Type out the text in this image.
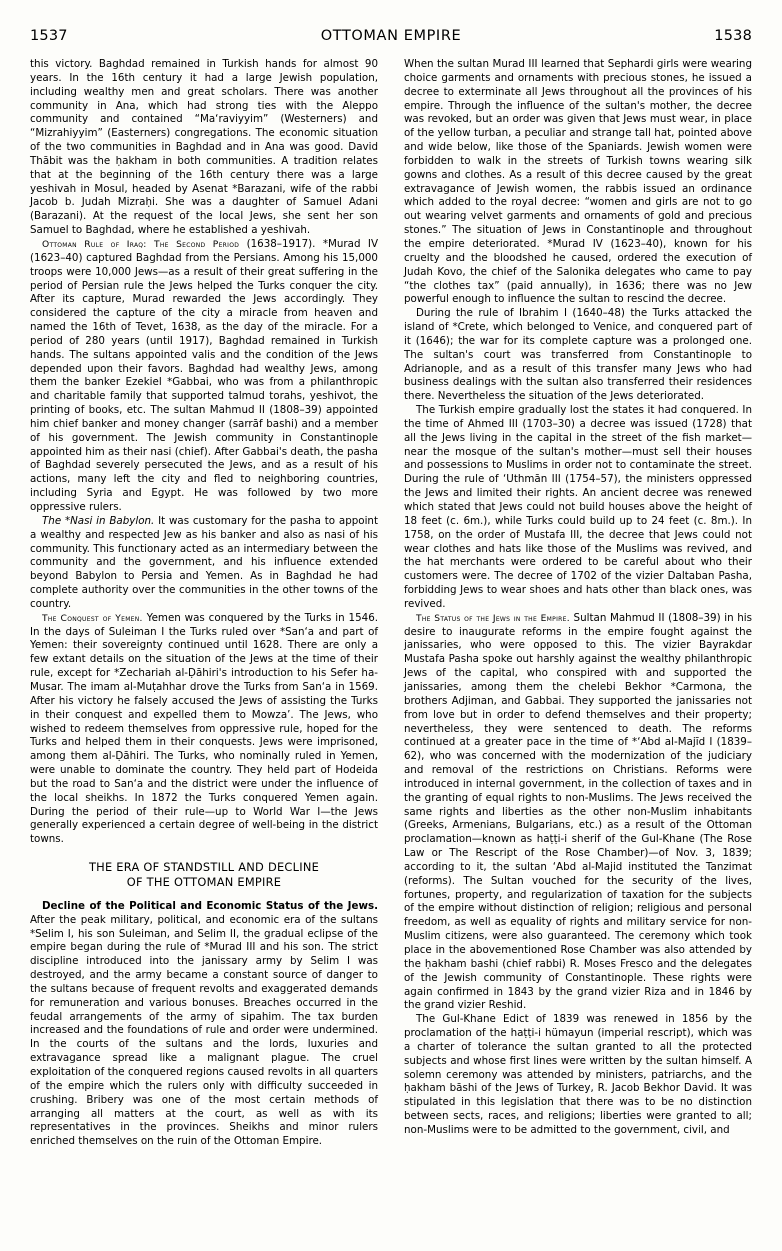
1537	OTTOMAN EMPIRE	1538

this victory. Baghdad remained in Turkish hands for almost 90 years. In the 16th century it had a large Jewish population, including wealthy men and great scholars. There was another community in Ana, which had strong ties with the Aleppo community and contained “Ma‘raviyyim” (Westerners) and “Mizrahiyyim” (Easterners) congregations. The economic situation of the two communities in Baghdad and in Ana was good. David Thābit was the ḥakham in both communities. A tradition relates that at the beginning of the 16th century there was a large yeshivah in Mosul, headed by Asenat *Barazani, wife of the rabbi Jacob b. Judah Mizraḥi. She was a daughter of Samuel Adani (Barazani). At the request of the local Jews, she sent her son Samuel to Baghdad, where he established a yeshivah.

Ottoman Rule of Iraq: The Second Period (1638–1917). *Murad IV (1623–40) captured Baghdad from the Persians. Among his 15,000 troops were 10,000 Jews—as a result of their great suffering in the period of Persian rule the Jews helped the Turks conquer the city. After its capture, Murad rewarded the Jews accordingly. They considered the capture of the city a miracle from heaven and named the 16th of Tevet, 1638, as the day of the miracle. For a period of 280 years (until 1917), Baghdad remained in Turkish hands. The sultans appointed valis and the condition of the Jews depended upon their favors. Baghdad had wealthy Jews, among them the banker Ezekiel *Gabbai, who was from a philanthropic and charitable family that supported talmud torahs, yeshivot, the printing of books, etc. The sultan Mahmud II (1808–39) appointed him chief banker and money changer (sarrāf bashi) and a member of his government. The Jewish community in Constantinople appointed him as their nasi (chief). After Gabbai's death, the pasha of Baghdad severely persecuted the Jews, and as a result of his actions, many left the city and fled to neighboring countries, including Syria and Egypt. He was followed by two more oppressive rulers.

The *Nasi in Babylon. It was customary for the pasha to appoint a wealthy and respected Jew as his banker and also as nasi of his community. This functionary acted as an intermediary between the community and the government, and his influence extended beyond Babylon to Persia and Yemen. As in Baghdad he had complete authority over the communities in the other towns of the country.

The Conquest of Yemen. Yemen was conquered by the Turks in 1546. In the days of Suleiman I the Turks ruled over *San‘a and part of Yemen: their sovereignty continued until 1628. There are only a few extant details on the situation of the Jews at the time of their rule, except for *Zechariah al-Ḍāhiri's introduction to his Sefer ha-Musar. The imam al-Muṭahhar drove the Turks from San‘a in 1569. After his victory he falsely accused the Jews of assisting the Turks in their conquest and expelled them to Mowza’. The Jews, who wished to redeem themselves from oppressive rule, hoped for the Turks and helped them in their conquests. Jews were imprisoned, among them al-Ḍāhiri. The Turks, who nominally ruled in Yemen, were unable to dominate the country. They held part of Hodeida but the road to San‘a and the district were under the influence of the local sheikhs. In 1872 the Turks conquered Yemen again. During the period of their rule—up to World War I—the Jews generally experienced a certain degree of well-being in the district towns.

THE ERA OF STANDSTILL AND DECLINE
OF THE OTTOMAN EMPIRE

Decline of the Political and Economic Status of the Jews. After the peak military, political, and economic era of the sultans *Selim I, his son Suleiman, and Selim II, the gradual eclipse of the empire began during the rule of *Murad III and his son. The strict discipline introduced into the janissary army by Selim I was destroyed, and the army became a constant source of danger to the sultans because of frequent revolts and exaggerated demands for remuneration and various bonuses. Breaches occurred in the feudal arrangements of the army of sipahim. The tax burden increased and the foundations of rule and order were undermined. In the courts of the sultans and the lords, luxuries and extravagance spread like a malignant plague. The cruel exploitation of the conquered regions caused revolts in all quarters of the empire which the rulers only with difficulty succeeded in crushing. Bribery was one of the most certain methods of arranging all matters at the court, as well as with its representatives in the provinces. Sheikhs and minor rulers enriched themselves on the ruin of the Ottoman Empire.

When the sultan Murad III learned that Sephardi girls were wearing choice garments and ornaments with precious stones, he issued a decree to exterminate all Jews throughout all the provinces of his empire. Through the influence of the sultan's mother, the decree was revoked, but an order was given that Jews must wear, in place of the yellow turban, a peculiar and strange tall hat, pointed above and wide below, like those of the Spaniards. Jewish women were forbidden to walk in the streets of Turkish towns wearing silk gowns and clothes. As a result of this decree caused by the great extravagance of Jewish women, the rabbis issued an ordinance which added to the royal decree: “women and girls are not to go out wearing velvet garments and ornaments of gold and precious stones.” The situation of Jews in Constantinople and throughout the empire deteriorated. *Murad IV (1623–40), known for his cruelty and the bloodshed he caused, ordered the execution of Judah Kovo, the chief of the Salonika delegates who came to pay “the clothes tax” (paid annually), in 1636; there was no Jew powerful enough to influence the sultan to rescind the decree.

During the rule of Ibrahim I (1640–48) the Turks attacked the island of *Crete, which belonged to Venice, and conquered part of it (1646); the war for its complete capture was a prolonged one. The sultan's court was transferred from Constantinople to Adrianople, and as a result of this transfer many Jews who had business dealings with the sultan also transferred their residences there. Nevertheless the situation of the Jews deteriorated.

The Turkish empire gradually lost the states it had conquered. In the time of Ahmed III (1703–30) a decree was issued (1728) that all the Jews living in the capital in the street of the fish market—near the mosque of the sultan's mother—must sell their houses and possessions to Muslims in order not to contaminate the street. During the rule of ‘Uthmān III (1754–57), the ministers oppressed the Jews and limited their rights. An ancient decree was renewed which stated that Jews could not build houses above the height of 18 feet (c. 6m.), while Turks could build up to 24 feet (c. 8m.). In 1758, on the order of Mustafa III, the decree that Jews could not wear clothes and hats like those of the Muslims was revived, and the hat merchants were ordered to be careful about who their customers were. The decree of 1702 of the vizier Daltaban Pasha, forbidding Jews to wear shoes and hats other than black ones, was revived.

The Status of the Jews in the Empire. Sultan Mahmud II (1808–39) in his desire to inaugurate reforms in the empire fought against the janissaries, who were opposed to this. The vizier Bayrakdar Mustafa Pasha spoke out harshly against the wealthy philanthropic Jews of the capital, who conspired with and supported the janissaries, among them the chelebi Bekhor *Carmona, the brothers Adjiman, and Gabbai. They supported the janissaries not from love but in order to defend themselves and their property; nevertheless, they were sentenced to death. The reforms continued at a greater pace in the time of *‘Abd al-Majīd I (1839–62), who was concerned with the modernization of the judiciary and removal of the restrictions on Christians. Reforms were introduced in internal government, in the collection of taxes and in the granting of equal rights to non-Muslims. The Jews received the same rights and liberties as the other non-Muslim inhabitants (Greeks, Armenians, Bulgarians, etc.) as a result of the Ottoman proclamation—known as haṭṭi-i sherif of the Gul-Khane (The Rose Law or The Rescript of the Rose Chamber)—of Nov. 3, 1839; according to it, the sultan ‘Abd al-Majid instituted the Tanzimat (reforms). The Sultan vouched for the security of the lives, fortunes, property, and regularization of taxation for the subjects of the empire without distinction of religion; religious and personal freedom, as well as equality of rights and military service for non-Muslim citizens, were also guaranteed. The ceremony which took place in the abovementioned Rose Chamber was also attended by the ḥakham bashi (chief rabbi) R. Moses Fresco and the delegates of the Jewish community of Constantinople. These rights were again confirmed in 1843 by the grand vizier Riza and in 1846 by the grand vizier Reshid.

The Gul-Khane Edict of 1839 was renewed in 1856 by the proclamation of the haṭṭi-i hümayun (imperial rescript), which was a charter of tolerance the sultan granted to all the protected subjects and whose first lines were written by the sultan himself. A solemn ceremony was attended by ministers, patriarchs, and the ḥakham bāshi of the Jews of Turkey, R. Jacob Bekhor David. It was stipulated in this legislation that there was to be no distinction between sects, races, and religions; liberties were granted to all; non-Muslims were to be admitted to the government, civil, and
